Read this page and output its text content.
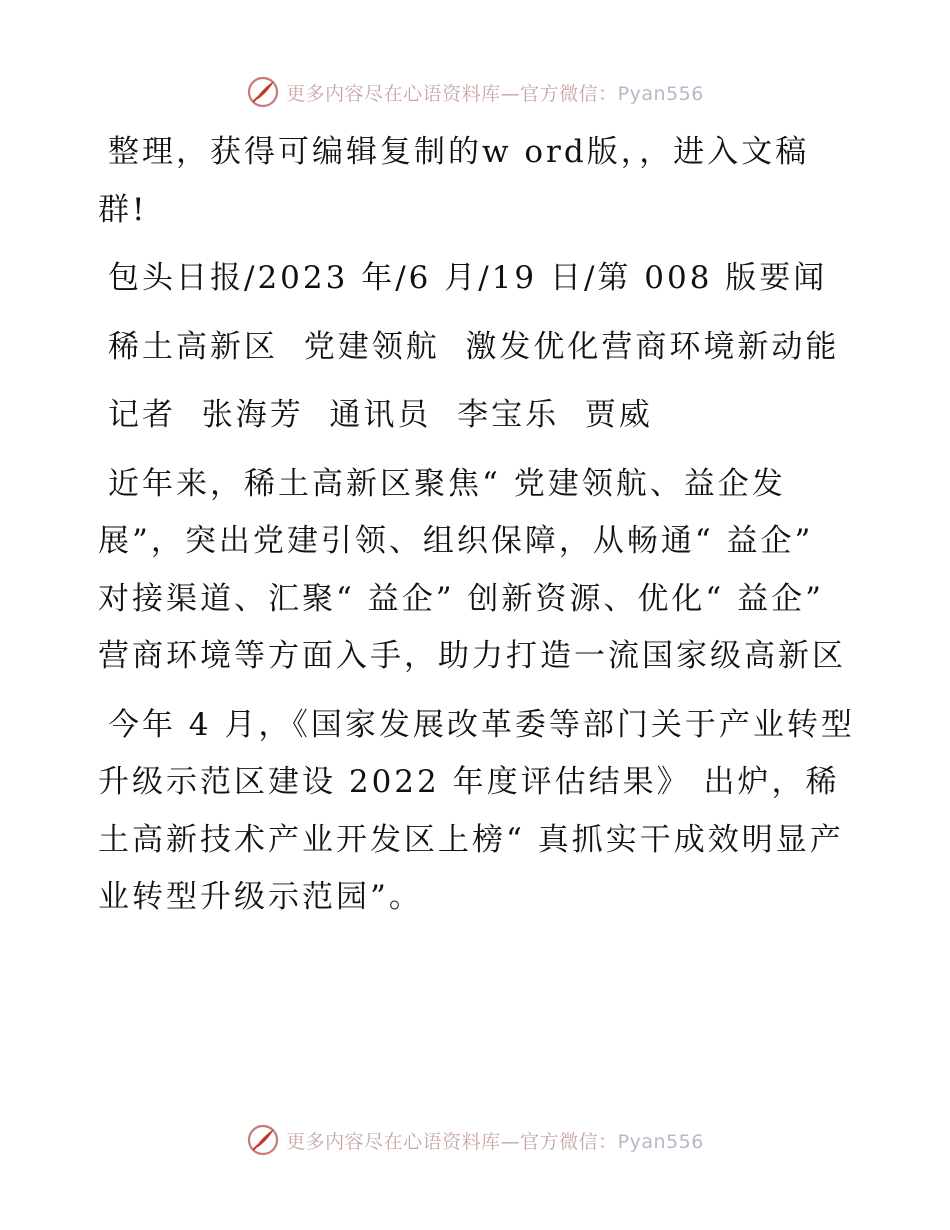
更多内容尽在心语资料库—官方微信：Pyan556

整理，获得可编辑复制的w ord版，，进入文稿群!

包头日报/2023 年/6 月/19 日/第 008 版要闻

稀土高新区  党建领航  激发优化营商环境新动能

记者  张海芳  通讯员  李宝乐  贾威

近年来，稀土高新区聚焦“ 党建领航、益企发展”，突出党建引领、组织保障，从畅通“ 益企” 对接渠道、汇聚“ 益企” 创新资源、优化“ 益企” 营商环境等方面入手，助力打造一流国家级高新区

今年 4 月，《国家发展改革委等部门关于产业转型升级示范区建设 2022 年度评估结果》 出炉，稀土高新技术产业开发区上榜“ 真抓实干成效明显产业转型升级示范园”。

更多内容尽在心语资料库—官方微信：Pyan556
